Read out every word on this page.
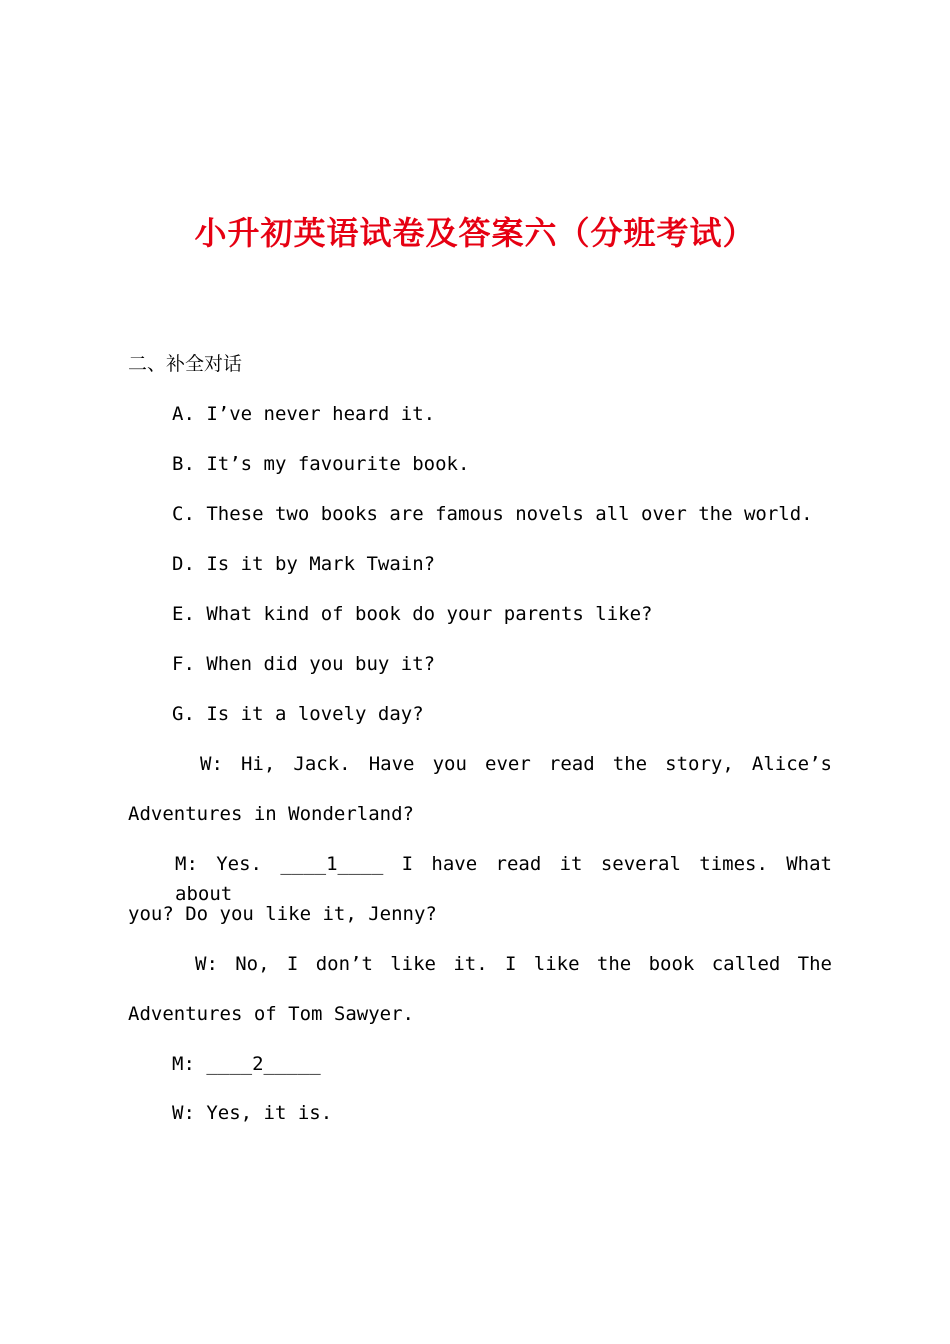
小升初英语试卷及答案六（分班考试）
二、补全对话
A. I’ve never heard it.
B. It’s my favourite book.
C. These two books are famous novels all over the world.
D. Is it by Mark Twain?
E. What kind of book do your parents like?
F. When did you buy it?
G. Is it a lovely day?
W: Hi, Jack. Have you ever read the story, Alice’s
Adventures in Wonderland?
M: Yes. ____1____ I have read it several times. What about
you? Do you like it, Jenny?
W: No, I don’t like it. I like the book called The
Adventures of Tom Sawyer.
M: ____2_____
W: Yes, it is.
